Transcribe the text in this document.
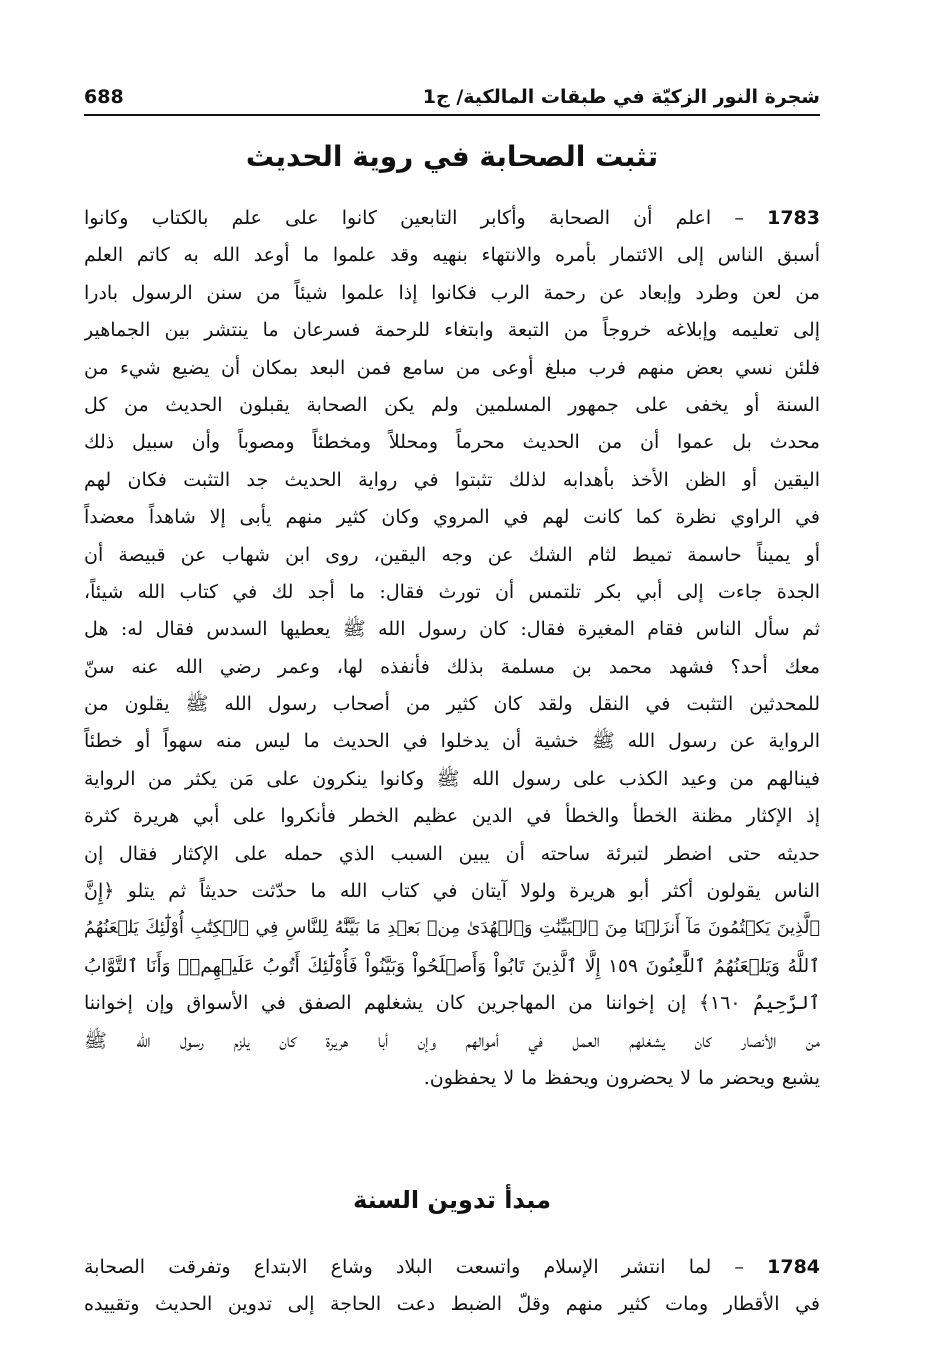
شجرة النور الزكيّة في طبقات المالكية/ ج1
688
تثبت الصحابة في روية الحديث
1783 – اعلم أن الصحابة وأكابر التابعين كانوا على علم بالكتاب وكانوا
أسبق الناس إلى الائتمار بأمره والانتهاء بنهيه وقد علموا ما أوعد الله به كاتم العلم
من لعن وطرد وإبعاد عن رحمة الرب فكانوا إذا علموا شيئاً من سنن الرسول بادرا
إلى تعليمه وإبلاغه خروجاً من التبعة وابتغاء للرحمة فسرعان ما ينتشر بين الجماهير
فلئن نسي بعض منهم فرب مبلغ أوعى من سامع فمن البعد بمكان أن يضيع شيء من
السنة أو يخفى على جمهور المسلمين ولم يكن الصحابة يقبلون الحديث من كل
محدث بل عموا أن من الحديث محرماً ومحللاً ومخطئاً ومصوباً وأن سبيل ذلك
اليقين أو الظن الأخذ بأهدابه لذلك تثبتوا في رواية الحديث جد التثبت فكان لهم
في الراوي نظرة كما كانت لهم في المروي وكان كثير منهم يأبى إلا شاهداً معضداً
أو يميناً حاسمة تميط لثام الشك عن وجه اليقين، روى ابن شهاب عن قبيصة أن
الجدة جاءت إلى أبي بكر تلتمس أن تورث فقال: ما أجد لك في كتاب الله شيئاً،
ثم سأل الناس فقام المغيرة فقال: كان رسول الله ﷺ يعطيها السدس فقال له: هل
معك أحد؟ فشهد محمد بن مسلمة بذلك فأنفذه لها، وعمر رضي الله عنه سنّ
للمحدثين التثبت في النقل ولقد كان كثير من أصحاب رسول الله ﷺ يقلون من
الرواية عن رسول الله ﷺ خشية أن يدخلوا في الحديث ما ليس منه سهواً أو خطئاً
فينالهم من وعيد الكذب على رسول الله ﷺ وكانوا ينكرون على مَن يكثر من الرواية
إذ الإكثار مظنة الخطأ والخطأ في الدين عظيم الخطر فأنكروا على أبي هريرة كثرة
حديثه حتى اضطر لتبرئة ساحته أن يبين السبب الذي حمله على الإكثار فقال إن
الناس يقولون أكثر أبو هريرة ولولا آيتان في كتاب الله ما حدّثت حديثاً ثم يتلو ﴿إِنَّ
ٱلَّذِينَ يَكۡتُمُونَ مَآ أَنزَلۡنَا مِنَ ٱلۡبَيِّنَٰتِ وَٱلۡهُدَىٰ مِنۢ بَعۡدِ مَا بَيَّنَّٰهُ لِلنَّاسِ فِي ٱلۡكِتَٰبِ أُوْلَٰٓئِكَ يَلۡعَنُهُمُ
ٱللَّهُ وَيَلۡعَنُهُمُ ٱللَّٰعِنُونَ ١٥٩ إِلَّا ٱلَّذِينَ تَابُواْ وَأَصۡلَحُواْ وَبَيَّنُواْ فَأُوْلَٰٓئِكَ أَتُوبُ عَلَيۡهِمۡۚ وَأَنَا ٱلتَّوَّابُ
ٱلرَّحِيمُ ١٦٠﴾ إن إخواننا من المهاجرين كان يشغلهم الصفق في الأسواق وإن إخواننا
من الأنصار كان يشغلهم العمل في أموالهم وإن أبا هريرة كان يلزم رسول الله ﷺ
يشبع ويحضر ما لا يحضرون ويحفظ ما لا يحفظون.
مبدأ تدوين السنة
1784 – لما انتشر الإسلام واتسعت البلاد وشاع الابتداع وتفرقت الصحابة
في الأقطار ومات كثير منهم وقلّ الضبط دعت الحاجة إلى تدوين الحديث وتقييده
